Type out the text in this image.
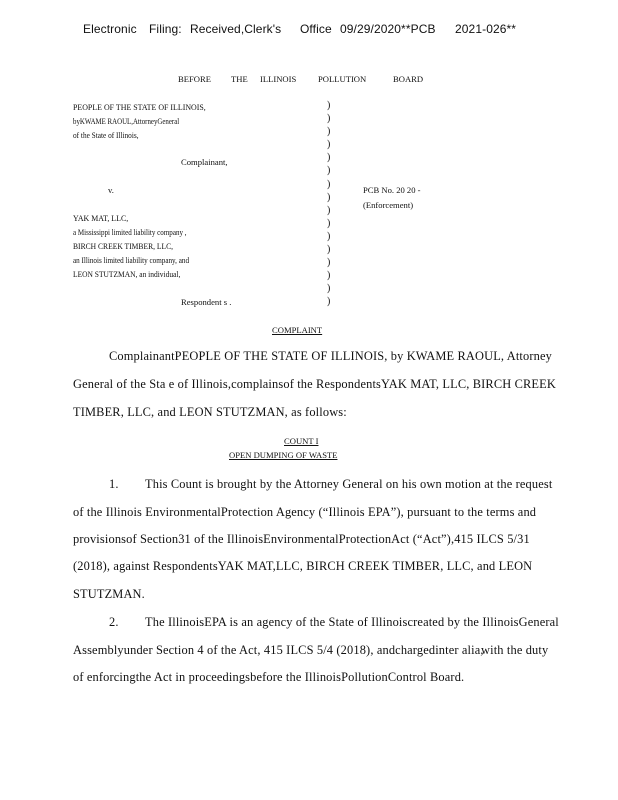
Electronic Filing: Received,Clerk's Office 09/29/2020**PCB 2021-026**
BEFORE THE ILLINOIS	POLLUTION	BOARD
PEOPLE OF THE STATE OF ILLINOIS,
byKWAME RAOUL,AttorneyGeneral
of the State of Illinois,
Complainant,
v.
YAK MAT, LLC,
a Mississippi limited liability company ,
BIRCH CREEK TIMBER, LLC,
an Illinois limited liability company, and
LEON STUTZMAN, an individual,
Respondent s .
)
)
)
)
)
)
)
)
)
)
)
)
)
)
)
)
PCB No. 20 20 -
(Enforcement)
COMPLAINT
ComplainantPEOPLE OF THE STATE OF ILLINOIS, by KWAME RAOUL, Attorney
General of the Sta e of Illinois,complainsof the RespondentsYAK MAT, LLC, BIRCH CREEK
TIMBER, LLC, and LEON STUTZMAN, as follows:
COUNT I
OPEN DUMPING OF WASTE
1. This Count is brought by the Attorney General on his own motion at the request
of the Illinois EnvironmentalProtection Agency (“Illinois EPA”), pursuant to the terms and
provisionsof Section31 of the IllinoisEnvironmentalProtectionAct (“Act”),415 ILCS 5/31
(2018), against RespondentsYAK MAT,LLC, BIRCH CREEK TIMBER, LLC, and LEON
STUTZMAN.
2. The IllinoisEPA is an agency of the State of Illinoiscreated by the IllinoisGeneral
Assemblyunder Section 4 of the Act, 415 ILCS 5/4 (2018), andchargedinter alia,
with the duty
of enforcingthe Act in proceedingsbefore the IllinoisPollutionControl Board.
